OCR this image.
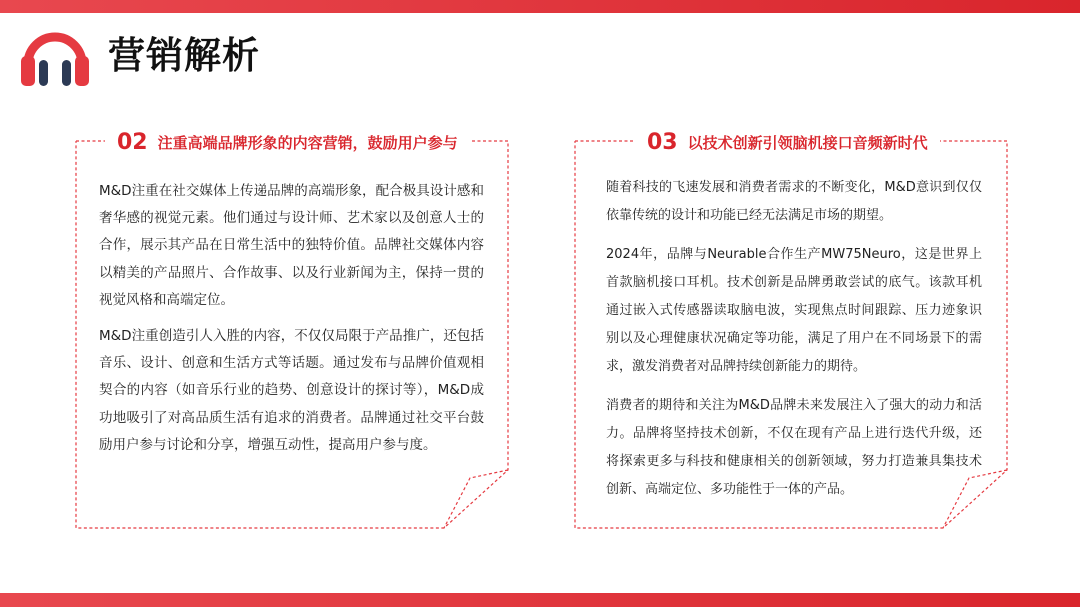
营销解析
02 注重高端品牌形象的内容营销，鼓励用户参与

M&D注重在社交媒体上传递品牌的高端形象，配合极具设计感和奢华感的视觉元素。他们通过与设计师、艺术家以及创意人士的合作，展示其产品在日常生活中的独特价值。品牌社交媒体内容以精美的产品照片、合作故事、以及行业新闻为主，保持一贯的视觉风格和高端定位。

M&D注重创造引人入胜的内容，不仅仅局限于产品推广，还包括音乐、设计、创意和生活方式等话题。通过发布与品牌价值观相契合的内容（如音乐行业的趋势、创意设计的探讨等），M&D成功地吸引了对高品质生活有追求的消费者。品牌通过社交平台鼓励用户参与讨论和分享，增强互动性，提高用户参与度。

03 以技术创新引领脑机接口音频新时代

随着科技的飞速发展和消费者需求的不断变化，M&D意识到仅仅依靠传统的设计和功能已经无法满足市场的期望。

2024年，品牌与Neurable合作生产MW75Neuro，这是世界上首款脑机接口耳机。技术创新是品牌勇敢尝试的底气。该款耳机通过嵌入式传感器读取脑电波，实现焦点时间跟踪、压力迹象识别以及心理健康状况确定等功能，满足了用户在不同场景下的需求，激发消费者对品牌持续创新能力的期待。

消费者的期待和关注为M&D品牌未来发展注入了强大的动力和活力。品牌将坚持技术创新，不仅在现有产品上进行迭代升级，还将探索更多与科技和健康相关的创新领域，努力打造兼具集技术创新、高端定位、多功能性于一体的产品。
